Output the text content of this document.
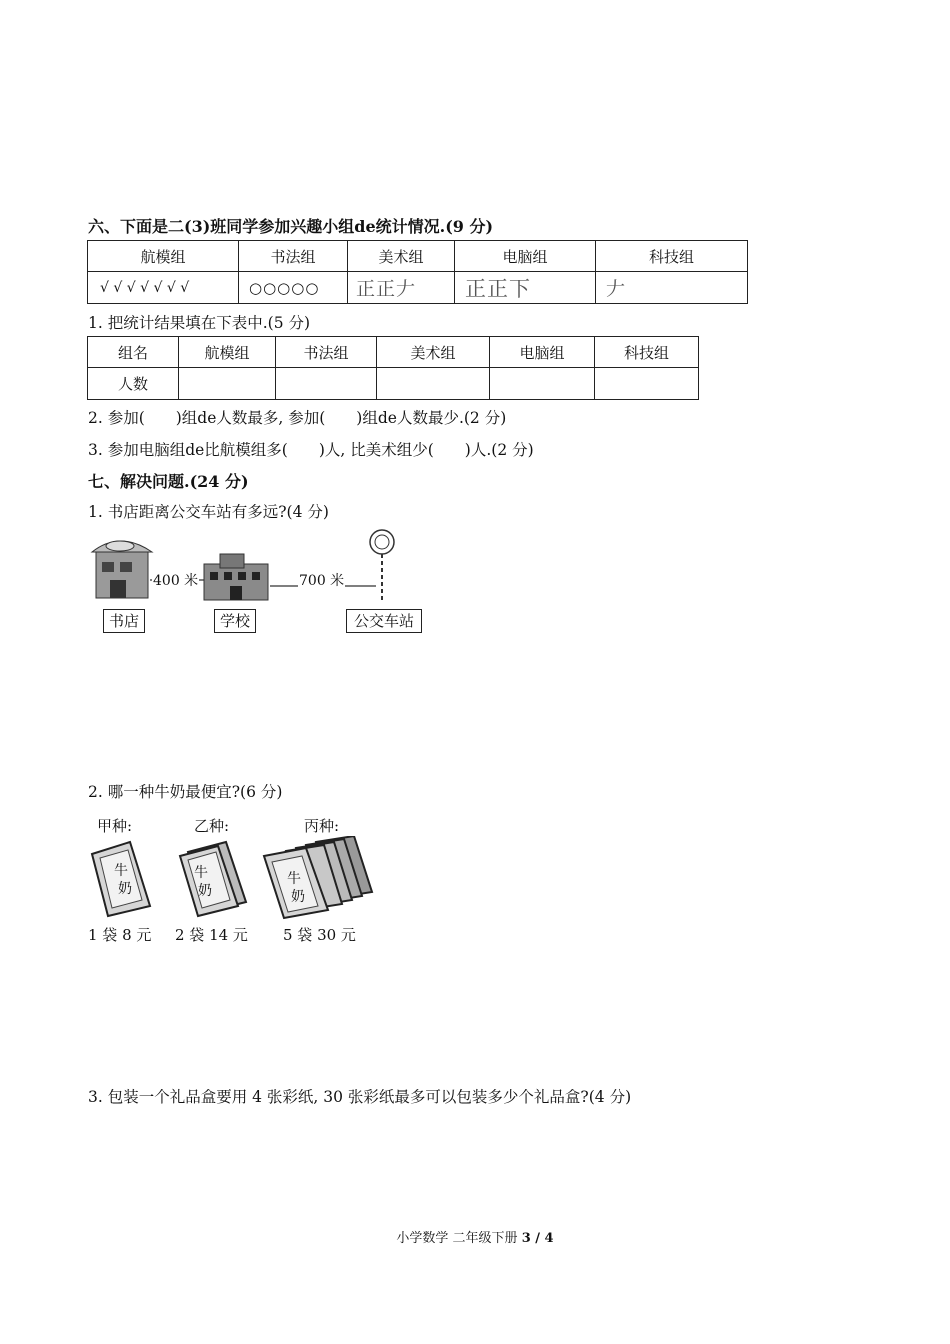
六、下面是二(3)班同学参加兴趣小组de统计情况.(9 分)
航模组	书法组	美术组	电脑组	科技组
√ √ √ √ √ √ √	○○○○○	正正𠂇	正正下	𠂇
1. 把统计结果填在下表中.(5 分)
组名	航模组	书法组	美术组	电脑组	科技组
人数					
2. 参加(　　)组de人数最多, 参加(　　)组de人数最少.(2 分)
3. 参加电脑组de比航模组多(　　)人, 比美术组少(　　)人.(2 分)
七、解决问题.(24 分)
1. 书店距离公交车站有多远?(4 分)
400 米	700 米
书店	学校	公交车站
2. 哪一种牛奶最便宜?(6 分)
甲种:	乙种:	丙种:
牛
奶
牛
奶
牛
奶
1 袋 8 元 2 袋 14 元 5 袋 30 元
3. 包装一个礼品盒要用 4 张彩纸, 30 张彩纸最多可以包装多少个礼品盒?(4 分)
小学数学 二年级下册 3 / 4
